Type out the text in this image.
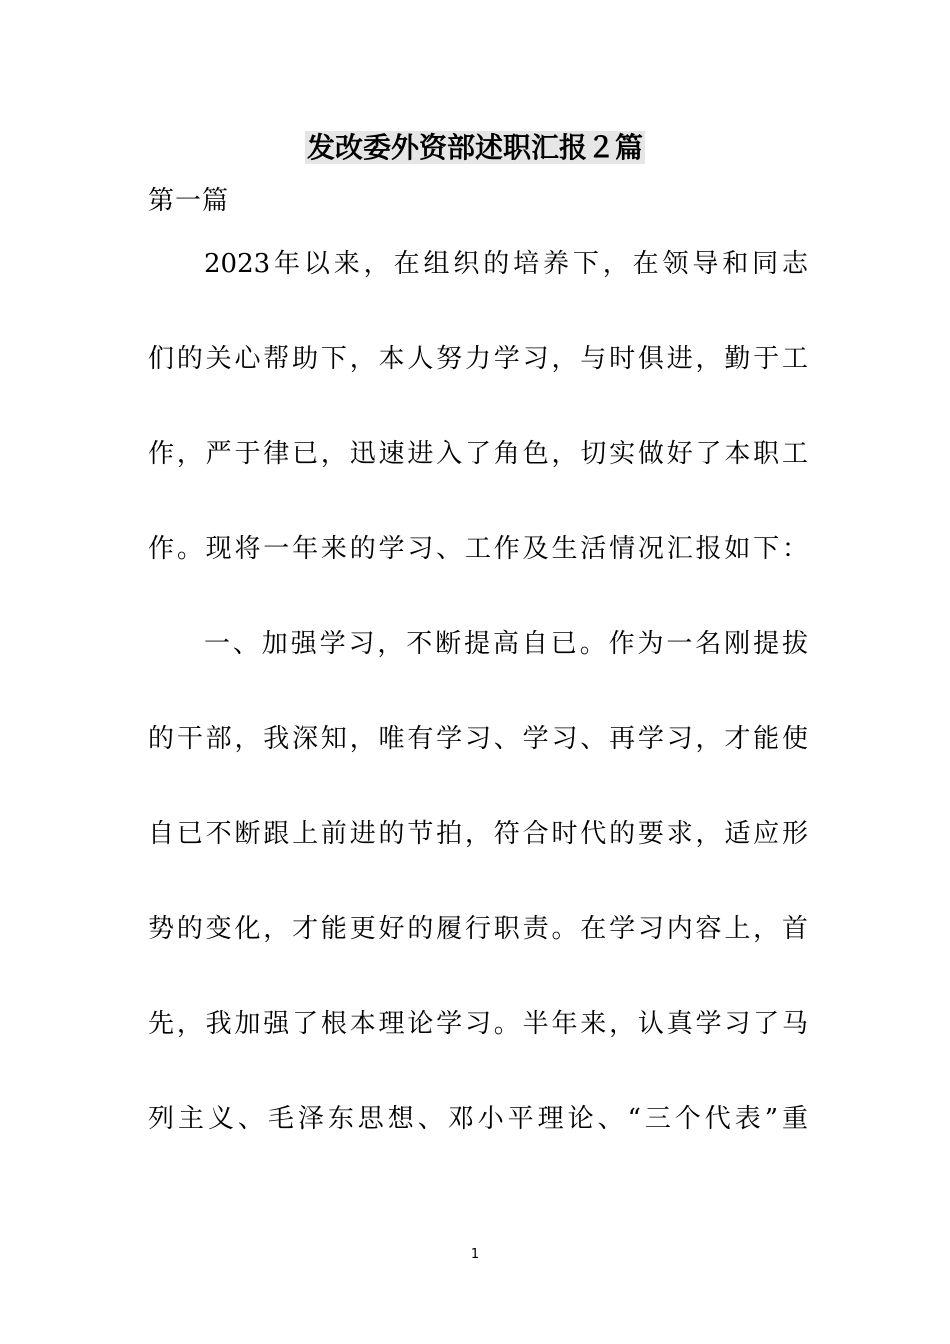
发改委外资部述职汇报２篇
第一篇
2023年以来，在组织的培养下，在领导和同志
们的关心帮助下，本人努力学习，与时俱进，勤于工
作，严于律已，迅速进入了角色，切实做好了本职工
作。现将一年来的学习、工作及生活情况汇报如下：
一、加强学习，不断提高自已。作为一名刚提拔
的干部，我深知，唯有学习、学习、再学习，才能使
自已不断跟上前进的节拍，符合时代的要求，适应形
势的变化，才能更好的履行职责。在学习内容上，首
先，我加强了根本理论学习。半年来，认真学习了马
列主义、毛泽东思想、邓小平理论、“三个代表”重
1
